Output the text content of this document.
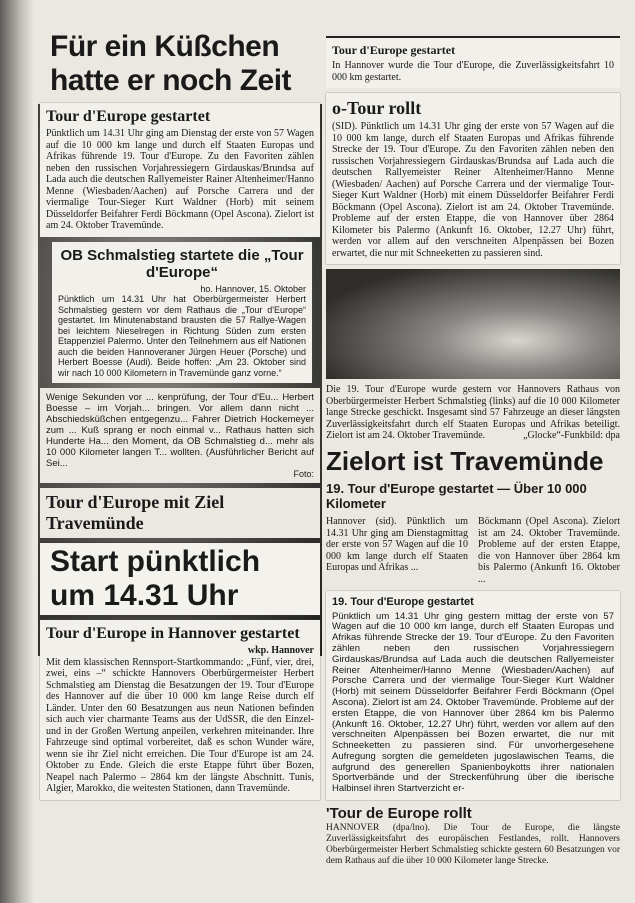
Für ein Küßchen hatte er noch Zeit
Tour d'Europe gestartet

Pünktlich um 14.31 Uhr ging am Dienstag der erste von 57 Wagen auf die 10 000 km lange und durch elf Staaten Europas und Afrikas führende 19. Tour d'Europe. Zu den Favoriten zählen neben den russischen Vorjahressiegern Girdauskas/Brundsa auf Lada auch die deutschen Rallyemeister Rainer Altenheimer/Hanno Menne (Wiesbaden/Aachen) auf Porsche Carrera und der viermalige Tour-Sieger Kurt Waldner (Horb) mit seinem Düsseldorfer Beifahrer Ferdi Böckmann (Opel Ascona). Zielort ist am 24. Oktober Travemünde.

OB Schmalstieg startete die „Tour d'Europe“

ho. Hannover, 15. Oktober

Pünktlich um 14.31 Uhr hat Oberbürgermeister Herbert Schmalstieg gestern vor dem Rathaus die „Tour d'Europe“ gestartet. Im Minutenabstand brausten die 57 Rallye-Wagen bei leichtem Nieselregen in Richtung Süden zum ersten Etappenziel Palermo. Unter den Teilnehmern aus elf Nationen auch die beiden Hannoveraner Jürgen Heuer (Porsche) und Herbert Boesse (Audi). Beide hoffen: „Am 23. Oktober sind wir nach 10 000 Kilometern in Travemünde ganz vorne.“

Wenige Sekunden vor ... kenprüfung, der Tour d'Eu... Herbert Boesse – im Vorjah... bringen. Vor allem dann nicht ... Abschiedsküßchen entgegenzu... Fahrer Dietrich Hockemeyer zum ... Kuß sprang er noch einmal v... Rathaus hatten sich Hunderte Ha... den Moment, da OB Schmalstieg d... mehr als 10 000 Kilometer langen T... wollten. (Ausführlicher Bericht auf Sei...
Foto:
Tour d'Europe mit Ziel Travemünde
Start pünktlich um 14.31 Uhr
Tour d'Europe in Hannover gestartet

wkp. Hannover

Mit dem klassischen Rennsport-Startkommando: „Fünf, vier, drei, zwei, eins –“ schickte Hannovers Oberbürgermeister Herbert Schmalstieg am Dienstag die Besatzungen der 19. Tour d'Europe des Hannover auf die über 10 000 km lange Reise durch elf Länder. Unter den 60 Besatzungen aus neun Nationen befinden sich auch vier charmante Teams aus der UdSSR, die den Einzel- und in der Großen Wertung anpeilen, verkehren miteinander. Ihre Fahrzeuge sind optimal vorbereitet, daß es schon Wunder wäre, wenn sie ihr Ziel nicht erreichen. Die Tour d'Europe ist am 24. Oktober zu Ende. Gleich die erste Etappe führt über Bozen, Neapel nach Palermo – 2864 km der längste Abschnitt. Tunis, Algier, Marokko, die weitesten Stationen, dann Travemünde.

Tour d'Europe gestartet

In Hannover wurde die Tour d'Europe, die Zuverlässigkeitsfahrt 10 000 km gestartet.

o-Tour rollt

(SID). Pünktlich um 14.31 Uhr ging der erste von 57 Wagen auf die 10 000 km lange, durch elf Staaten Europas und Afrikas führende Strecke der 19. Tour d'Europe. Zu den Favoriten zählen neben den russischen Vorjahressiegern Girdauskas/Brundsa auf Lada auch die deutschen Rallyemeister Reiner Altenheimer/Hanno Menne (Wiesbaden/ Aachen) auf Porsche Carrera und der viermalige Tour-Sieger Kurt Waldner (Horb) mit einem Düsseldorfer Beifahrer Ferdi Böckmann (Opel Ascona). Zielort ist am 24. Oktober Travemünde. Probleme auf der ersten Etappe, die von Hannover über 2864 Kilometer bis Palermo (Ankunft 16. Oktober, 12.27 Uhr) führt, werden vor allem auf den verschneiten Alpenpässen bei Bozen erwartet, die nur mit Schneeketten zu passieren sind.

Die 19. Tour d'Europe wurde gestern vor Hannovers Rathaus von Oberbürgermeister Herbert Schmalstieg (links) auf die 10 000 Kilometer lange Strecke geschickt. Insgesamt sind 57 Fahrzeuge an dieser längsten Zuverlässigkeitsfahrt durch elf Staaten Europas und Afrikas beteiligt. Zielort ist am 24. Oktober Travemünde.	„Glocke“-Funkbild: dpa
Zielort ist Travemünde
19. Tour d'Europe gestartet — Über 10 000 Kilometer
Hannover (sid). Pünktlich um 14.31 Uhr ging am Dienstagmittag der erste von 57 Wagen auf die 10 000 km lange durch elf Staaten Europas und Afrikas ...
Böckmann (Opel Ascona). Zielort ist am 24. Oktober Travemünde. Probleme auf der ersten Etappe, die von Hannover über 2864 km bis Palermo (Ankunft 16. Oktober ...
19. Tour d'Europe gestartet

Pünktlich um 14.31 Uhr ging gestern mittag der erste von 57 Wagen auf die 10 000 km lange, durch elf Staaten Europas und Afrikas führende Strecke der 19. Tour d'Europe. Zu den Favoriten zählen neben den russischen Vorjahressiegern Girdauskas/Brundsa auf Lada auch die deutschen Rallyemeister Reiner Altenheimer/Hanno Menne (Wiesbaden/Aachen) auf Porsche Carrera und der viermalige Tour-Sieger Kurt Waldner (Horb) mit seinem Düsseldorfer Beifahrer Ferdi Böckmann (Opel Ascona). Zielort ist am 24. Oktober Travemünde. Probleme auf der ersten Etappe, die von Hannover über 2864 km bis Palermo (Ankunft 16. Oktober, 12.27 Uhr) führt, werden vor allem auf den verschneiten Alpenpässen bei Bozen erwartet, die nur mit Schneeketten zu passieren sind. Für unvorhergesehene Aufregung sorgten die gemeldeten jugoslawischen Teams, die aufgrund des generellen Spanienboykotts ihrer nationalen Sportverbände und der Streckenführung über die iberische Halbinsel ihren Startverzicht er-

'Tour de Europe rollt

HANNOVER (dpa/lno). Die Tour de Europe, die längste Zuverlässigkeitsfahrt des europäischen Festlandes, rollt. Hannovers Oberbürgermeister Herbert Schmalstieg schickte gestern 60 Besatzungen vor dem Rathaus auf die über 10 000 Kilometer lange Strecke.
